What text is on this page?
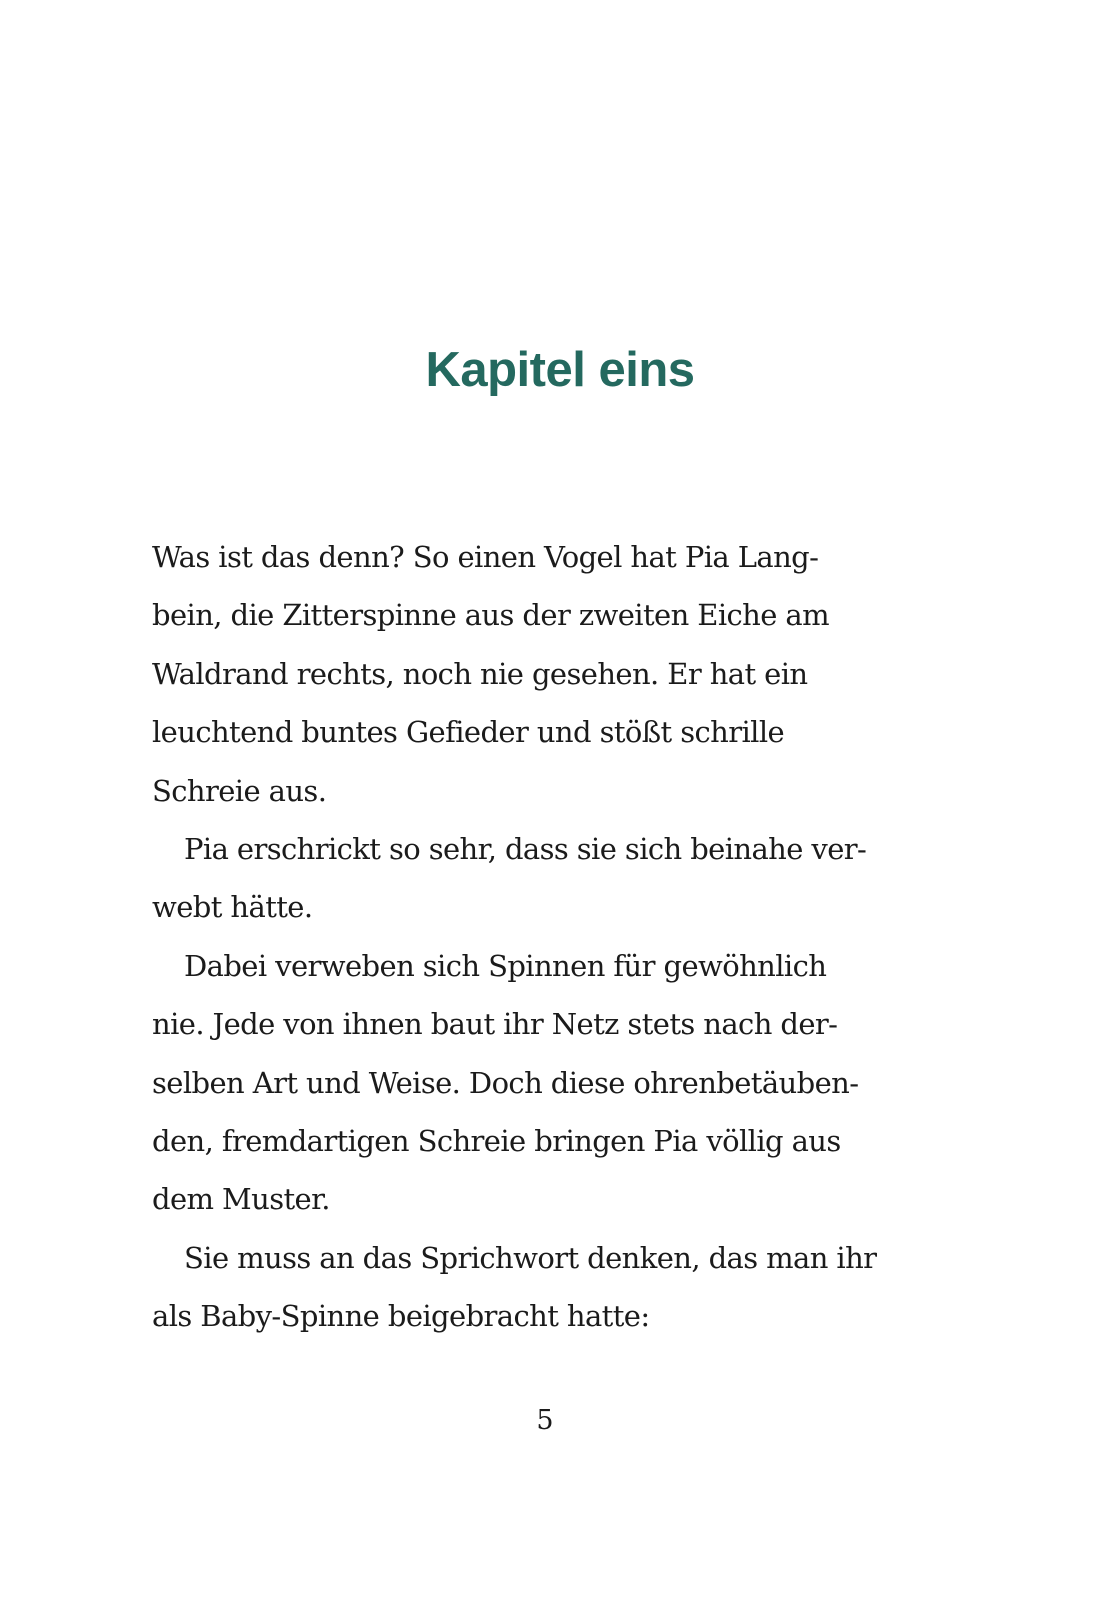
Kapitel eins
Was ist das denn? So einen Vogel hat Pia Lang-
bein, die Zitterspinne aus der zweiten Eiche am
Waldrand rechts, noch nie gesehen. Er hat ein
leuchtend buntes Gefieder und stößt schrille
Schreie aus.
Pia erschrickt so sehr, dass sie sich beinahe ver-
webt hätte.
Dabei verweben sich Spinnen für gewöhnlich
nie. Jede von ihnen baut ihr Netz stets nach der-
selben Art und Weise. Doch diese ohrenbetäuben-
den, fremdartigen Schreie bringen Pia völlig aus
dem Muster.
Sie muss an das Sprichwort denken, das man ihr
als Baby-Spinne beigebracht hatte:
5
